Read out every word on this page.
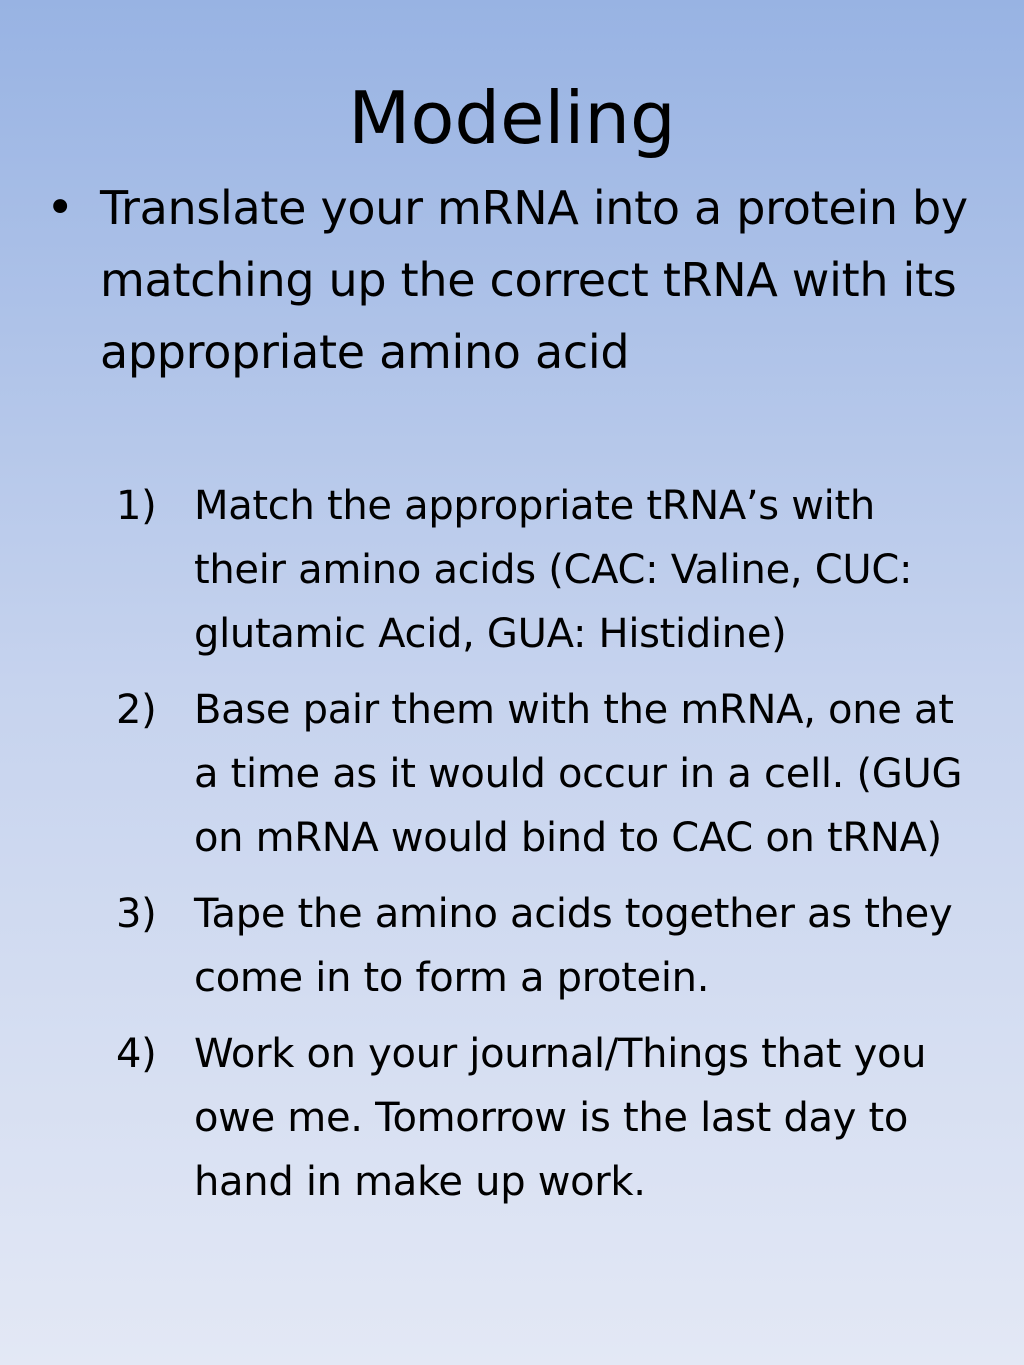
Modeling
• Translate your mRNA into a protein by matching up the correct tRNA with its appropriate amino acid
1) Match the appropriate tRNA’s with their amino acids (CAC: Valine, CUC: glutamic Acid, GUA: Histidine)
2) Base pair them with the mRNA, one at a time as it would occur in a cell. (GUG on mRNA would bind to CAC on tRNA)
3) Tape the amino acids together as they come in to form a protein.
4) Work on your journal/Things that you owe me. Tomorrow is the last day to hand in make up work.
